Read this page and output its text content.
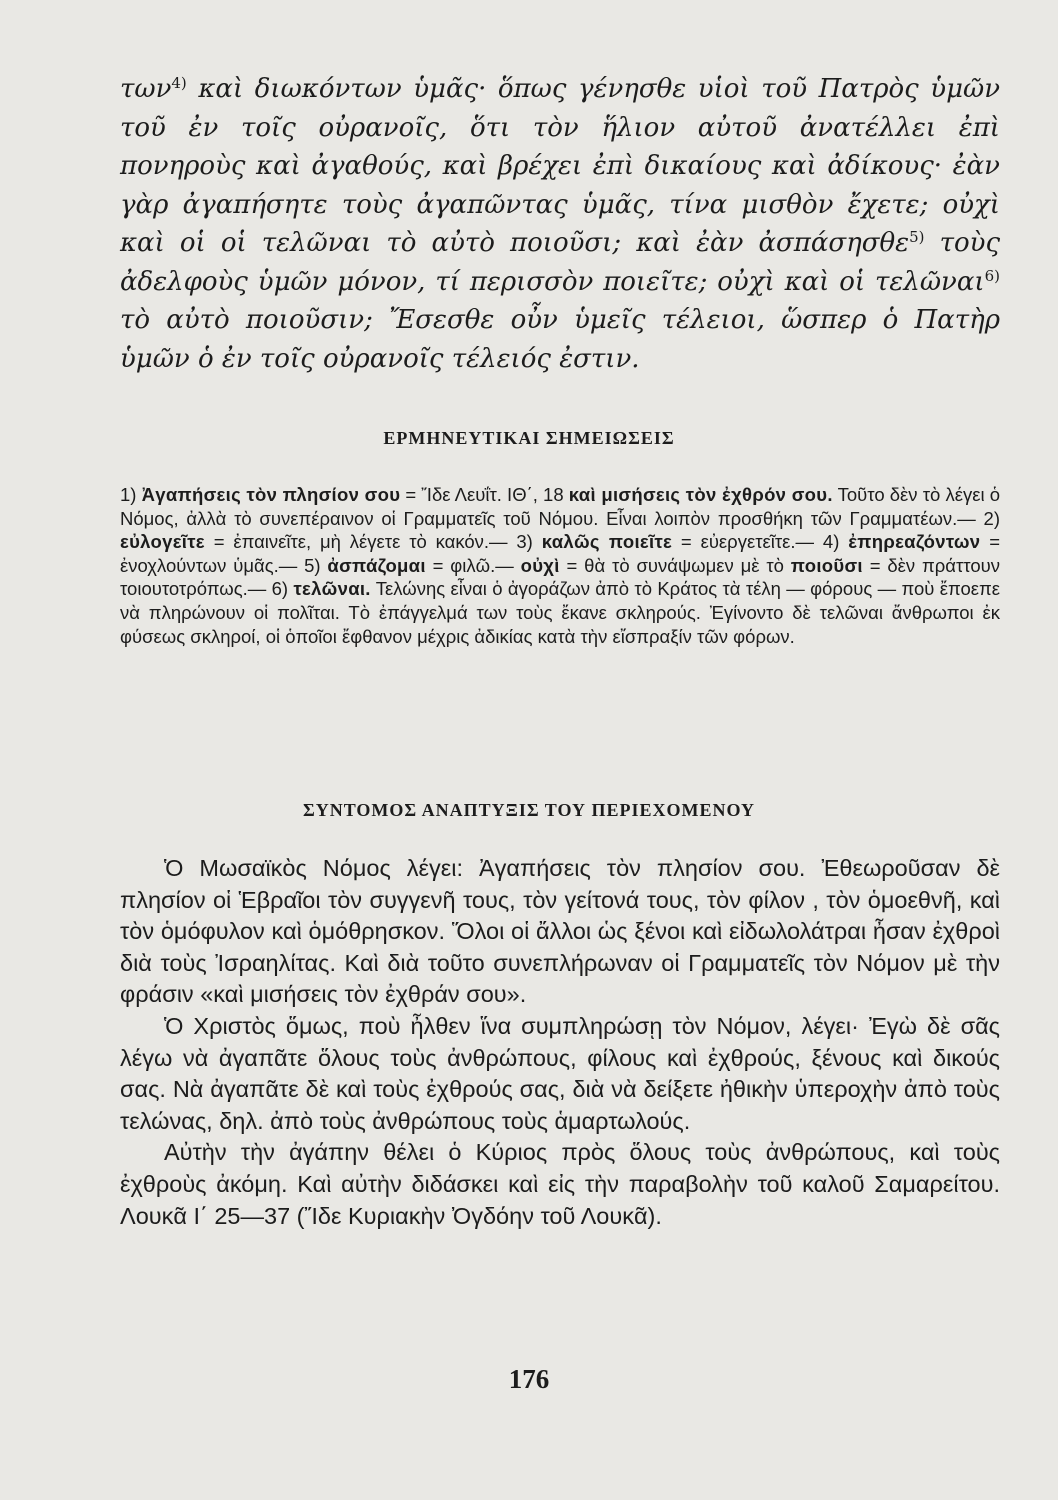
των$^{4)}$ καὶ διωκόντων ὑμᾶς· ὅπως γένησθε υἱοὶ τοῦ Πατρὸς ὑμῶν τοῦ ἐν τοῖς οὐρανοῖς, ὅτι τὸν ἥλιον αὐτοῦ ἀνατέλλει ἐπὶ πονηροὺς καὶ ἀγαθούς, καὶ βρέχει ἐπὶ δικαίους καὶ ἀδίκους· ἐὰν γὰρ ἀγαπήσητε τοὺς ἀγαπῶντας ὑμᾶς, τίνα μισθὸν ἔχετε; οὐχὶ καὶ οἱ οἱ τελῶναι τὸ αὐτὸ ποιοῦσι; καὶ ἐὰν ἀσπάσησθε$^{5)}$ τοὺς ἀδελφοὺς ὑμῶν μόνον, τί περισσὸν ποιεῖτε; οὐχὶ καὶ οἱ τελῶναι$^{6)}$ τὸ αὐτὸ ποιοῦσιν; Ἔσεσθε οὖν ὑμεῖς τέλειοι, ὥσπερ ὁ Πατὴρ ὑμῶν ὁ ἐν τοῖς οὐρανοῖς τέλειός ἐστιν.

ΕΡΜΗΝΕΥΤΙΚΑΙ ΣΗΜΕΙΩΣΕΙΣ

1) Ἀγαπήσεις τὸν πλησίον σου = Ἴδε Λευΐτ. ΙΘ΄, 18 καὶ μισήσεις τὸν ἐχθρόν σου. Τοῦτο δὲν τὸ λέγει ὁ Νόμος, ἀλλὰ τὸ συνεπέραινον οἱ Γραμματεῖς τοῦ Νόμου. Εἶναι λοιπὸν προσθήκη τῶν Γραμματέων.— 2) εὐλογεῖτε = ἐπαινεῖτε, μὴ λέγετε τὸ κακόν.— 3) καλῶς ποιεῖτε = εὐεργετεῖτε.— 4) ἐπηρεαζόντων = ἐνοχλούντων ὑμᾶς.— 5) ἀσπάζομαι = φιλῶ.— οὐχὶ = θὰ τὸ συνάψωμεν μὲ τὸ ποιοῦσι = δὲν πράττουν τοιουτοτρόπως.— 6) τελῶναι. Τελώνης εἶναι ὁ ἀγοράζων ἀπὸ τὸ Κράτος τὰ τέλη — φόρους — ποὺ ἔποεπε νὰ πληρώνουν οἱ πολῖται. Τὸ ἐπάγγελμά των τοὺς ἔκανε σκληρούς. Ἐγίνοντο δὲ τελῶναι ἄνθρωποι ἐκ φύσεως σκληροί, οἱ ὁποῖοι ἔφθανον μέχρις ἀδικίας κατὰ τὴν εἴσπραξίν τῶν φόρων.

ΣΥΝΤΟΜΟΣ ΑΝΑΠΤΥΞΙΣ ΤΟΥ ΠΕΡΙΕΧΟΜΕΝΟΥ

Ὁ Μωσαϊκὸς Νόμος λέγει: Ἀγαπήσεις τὸν πλησίον σου. Ἐθεωροῦσαν δὲ πλησίον οἱ Ἑβραῖοι τὸν συγγενῆ τους, τὸν γείτονά τους, τὸν φίλον , τὸν ὁμοεθνῆ, καὶ τὸν ὁμόφυλον καὶ ὁμόθρησκον. Ὅλοι οἱ ἄλλοι ὡς ξένοι καὶ εἰδωλολάτραι ἦσαν ἐχθροὶ διὰ τοὺς Ἰσραηλίτας. Καὶ διὰ τοῦτο συνεπλήρωναν οἱ Γραμματεῖς τὸν Νόμον μὲ τὴν φράσιν «καὶ μισήσεις τὸν ἐχθράν σου».

Ὁ Χριστὸς ὅμως, ποὺ ἦλθεν ἵνα συμπληρώσῃ τὸν Νόμον, λέγει· Ἐγὼ δὲ σᾶς λέγω νὰ ἀγαπᾶτε ὅλους τοὺς ἀνθρώπους, φίλους καὶ ἐχθρούς, ξένους καὶ δικούς σας. Νὰ ἀγαπᾶτε δὲ καὶ τοὺς ἐχθρούς σας, διὰ νὰ δείξετε ἠθικὴν ὑπεροχὴν ἀπὸ τοὺς τελώνας, δηλ. ἀπὸ τοὺς ἀνθρώπους τοὺς ἁμαρτωλούς.

Αὐτὴν τὴν ἀγάπην θέλει ὁ Κύριος πρὸς ὅλους τοὺς ἀνθρώπους, καὶ τοὺς ἐχθροὺς ἀκόμη. Καὶ αὐτὴν διδάσκει καὶ εἰς τὴν παραβολὴν τοῦ καλοῦ Σαμαρείτου. Λουκᾶ Ι΄ 25—37 (Ἴδε Κυριακὴν Ὀγδόην τοῦ Λουκᾶ).

176
